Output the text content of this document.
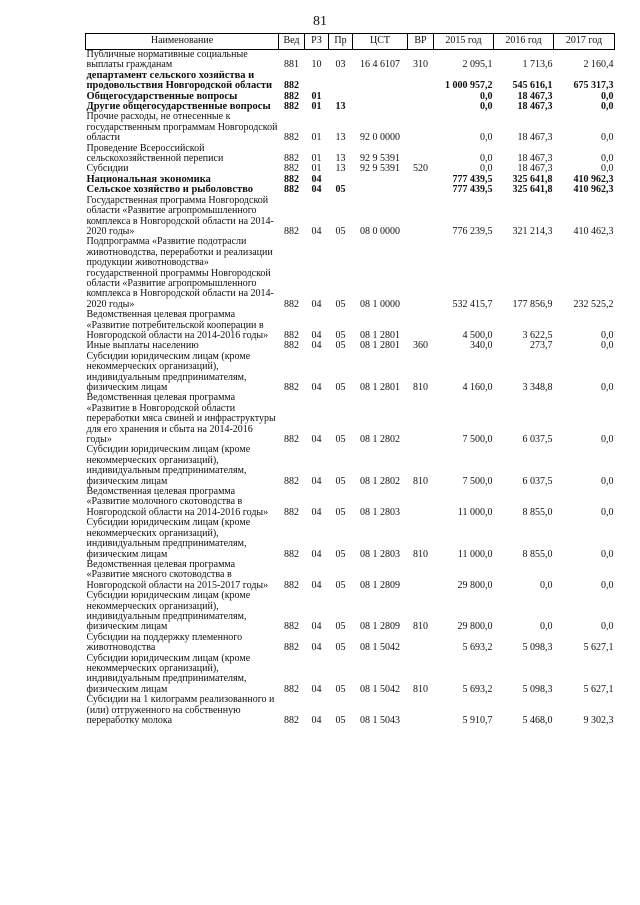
81
Наименование	Вед	РЗ	Пр	ЦСТ	ВР	2015 год	2016 год	2017 год
Публичные нормативные социальные выплаты гражданам	881	10	03	16 4 6107	310	2 095,1	1 713,6	2 160,4
департамент сельского хозяйства и продовольствия Новгородской области	882					1 000 957,2	545 616,1	675 317,3
Общегосударственные вопросы	882	01				0,0	18 467,3	0,0
Другие общегосударственные вопросы	882	01	13			0,0	18 467,3	0,0
Прочие расходы, не отнесенные к государственным программам Новгородской области	882	01	13	92 0 0000		0,0	18 467,3	0,0
Проведение Всероссийской сельскохозяйственной переписи	882	01	13	92 9 5391		0,0	18 467,3	0,0
Субсидии	882	01	13	92 9 5391	520	0,0	18 467,3	0,0
Национальная экономика	882	04				777 439,5	325 641,8	410 962,3
Сельское хозяйство и рыболовство	882	04	05			777 439,5	325 641,8	410 962,3
Государственная программа Новгородской области «Развитие агропромышленного комплекса в Новгородской области на 2014-2020 годы»	882	04	05	08 0 0000		776 239,5	321 214,3	410 462,3
Подпрограмма «Развитие подотрасли животноводства, переработки и реализации продукции животноводства» государственной программы Новгородской области «Развитие агропромышленного комплекса в Новгородской области на 2014-2020 годы»	882	04	05	08 1 0000		532 415,7	177 856,9	232 525,2
Ведомственная целевая программа «Развитие потребительской кооперации в Новгородской области на 2014-2016 годы»	882	04	05	08 1 2801		4 500,0	3 622,5	0,0
Иные выплаты населению	882	04	05	08 1 2801	360	340,0	273,7	0,0
Субсидии юридическим лицам (кроме некоммерческих организаций), индивидуальным предпринимателям, физическим лицам	882	04	05	08 1 2801	810	4 160,0	3 348,8	0,0
Ведомственная целевая программа «Развитие в Новгородской области переработки мяса свиней и инфраструктуры для его хранения и сбыта на 2014-2016 годы»	882	04	05	08 1 2802		7 500,0	6 037,5	0,0
Субсидии юридическим лицам (кроме некоммерческих организаций), индивидуальным предпринимателям, физическим лицам	882	04	05	08 1 2802	810	7 500,0	6 037,5	0,0
Ведомственная целевая программа «Развитие молочного скотоводства в Новгородской области на 2014-2016 годы»	882	04	05	08 1 2803		11 000,0	8 855,0	0,0
Субсидии юридическим лицам (кроме некоммерческих организаций), индивидуальным предпринимателям, физическим лицам	882	04	05	08 1 2803	810	11 000,0	8 855,0	0,0
Ведомственная целевая программа «Развитие мясного скотоводства в Новгородской области на 2015-2017 годы»	882	04	05	08 1 2809		29 800,0	0,0	0,0
Субсидии юридическим лицам (кроме некоммерческих организаций), индивидуальным предпринимателям, физическим лицам	882	04	05	08 1 2809	810	29 800,0	0,0	0,0
Субсидии на поддержку племенного животноводства	882	04	05	08 1 5042		5 693,2	5 098,3	5 627,1
Субсидии юридическим лицам (кроме некоммерческих организаций), индивидуальным предпринимателям, физическим лицам	882	04	05	08 1 5042	810	5 693,2	5 098,3	5 627,1
Субсидии на 1 килограмм реализованного и (или) отгруженного на собственную переработку молока	882	04	05	08 1 5043		5 910,7	5 468,0	9 302,3
